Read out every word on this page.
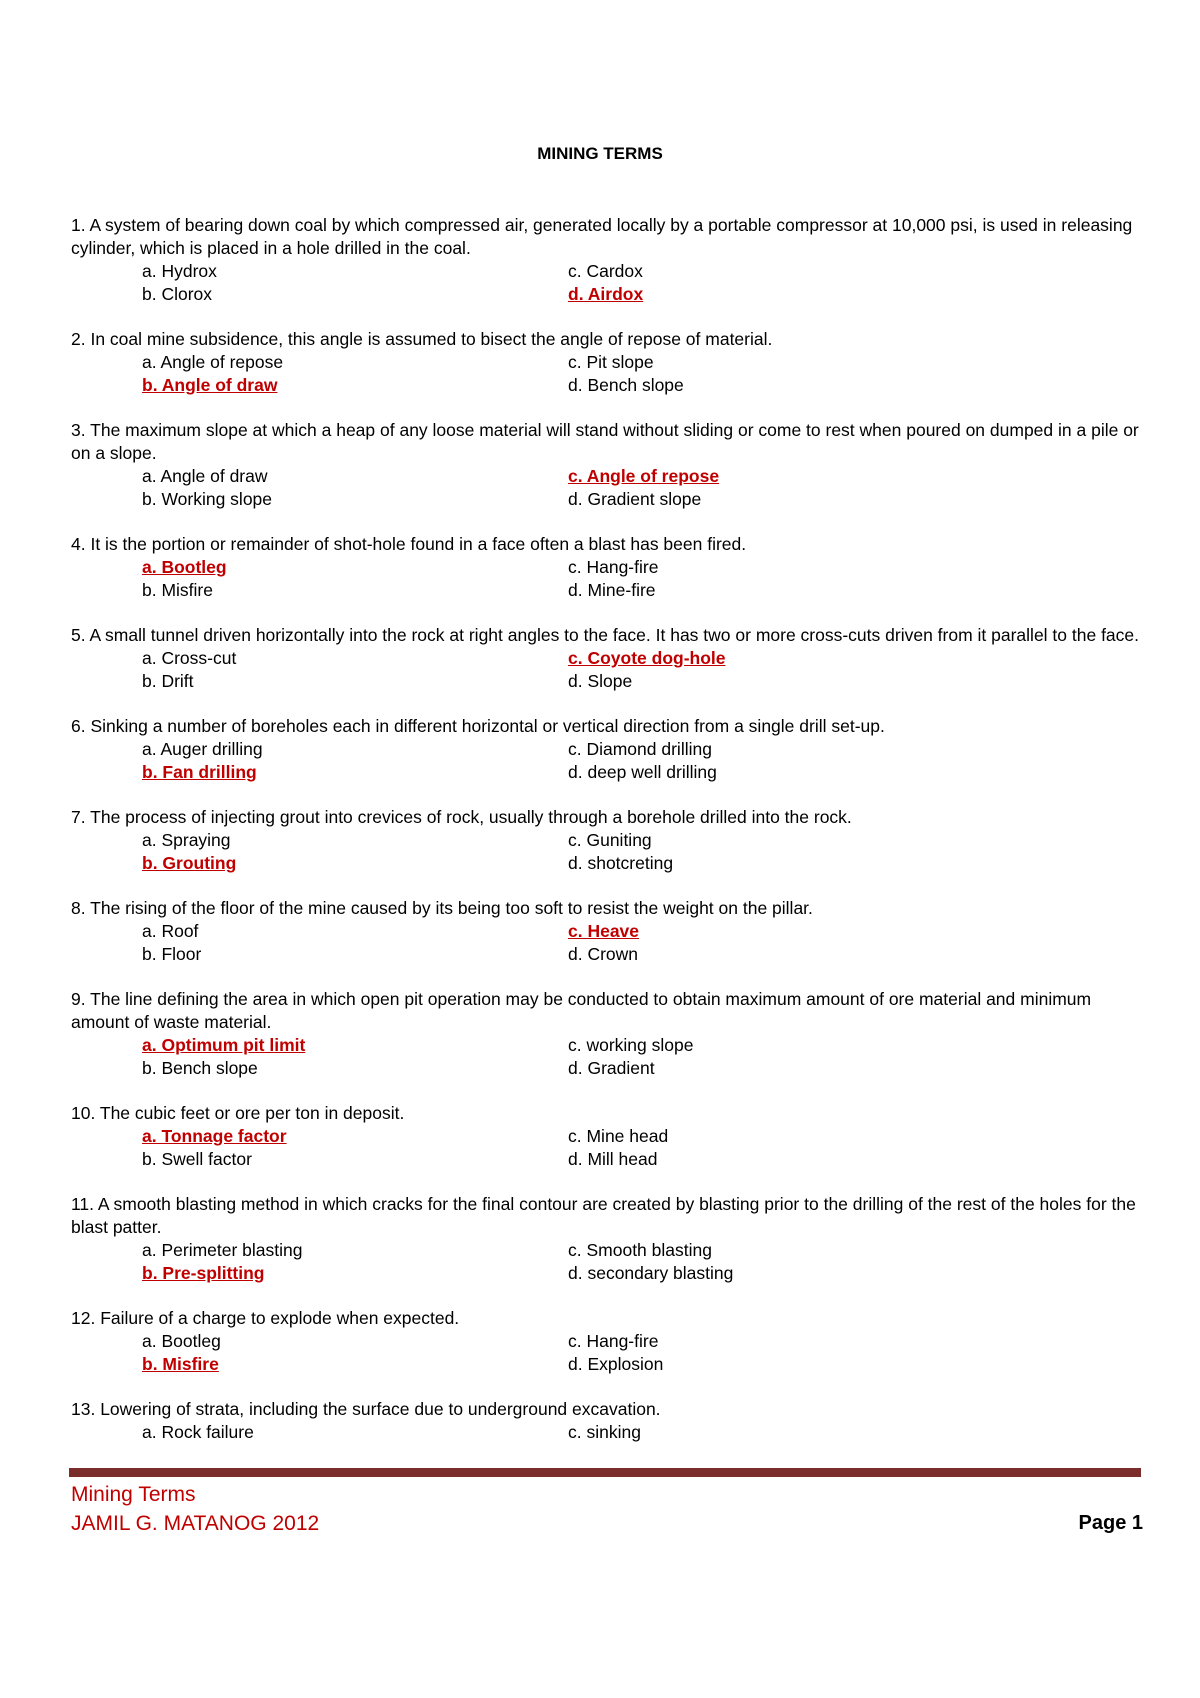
MINING TERMS

1. A system of bearing down coal by which compressed air, generated locally by a portable compressor at 10,000 psi, is used in releasing cylinder, which is placed in a hole drilled in the coal.

a. Hydrox	c. Cardox
b. Clorox	d. Airdox

2. In coal mine subsidence, this angle is assumed to bisect the angle of repose of material.

a. Angle of repose	c. Pit slope
b. Angle of draw	d. Bench slope

3. The maximum slope at which a heap of any loose material will stand without sliding or come to rest when poured on dumped in a pile or on a slope.

a. Angle of draw	c. Angle of repose
b. Working slope	d. Gradient slope

4. It is the portion or remainder of shot-hole found in a face often a blast has been fired.

a. Bootleg	c. Hang-fire
b. Misfire	d. Mine-fire

5. A small tunnel driven horizontally into the rock at right angles to the face. It has two or more cross-cuts driven from it parallel to the face.

a. Cross-cut	c. Coyote dog-hole
b. Drift	d. Slope

6. Sinking a number of boreholes each in different horizontal or vertical direction from a single drill set-up.

a. Auger drilling	c. Diamond drilling
b. Fan drilling	d. deep well drilling

7. The process of injecting grout into crevices of rock, usually through a borehole drilled into the rock.

a. Spraying	c. Guniting
b. Grouting	d. shotcreting

8. The rising of the floor of the mine caused by its being too soft to resist the weight on the pillar.

a. Roof	c. Heave
b. Floor	d. Crown

9. The line defining the area in which open pit operation may be conducted to obtain maximum amount of ore material and minimum amount of waste material.

a. Optimum pit limit	c. working slope
b. Bench slope	d. Gradient

10. The cubic feet or ore per ton in deposit.

a. Tonnage factor	c. Mine head
b. Swell factor	d. Mill head

11. A smooth blasting method in which cracks for the final contour are created by blasting prior to the drilling of the rest of the holes for the blast patter.

a. Perimeter blasting	c. Smooth blasting
b. Pre-splitting	d. secondary blasting

12. Failure of a charge to explode when expected.

a. Bootleg	c. Hang-fire
b. Misfire	d. Explosion

13. Lowering of strata, including the surface due to underground excavation.

a. Rock failure	c. sinking
Mining Terms
JAMIL G. MATANOG 2012	Page 1
